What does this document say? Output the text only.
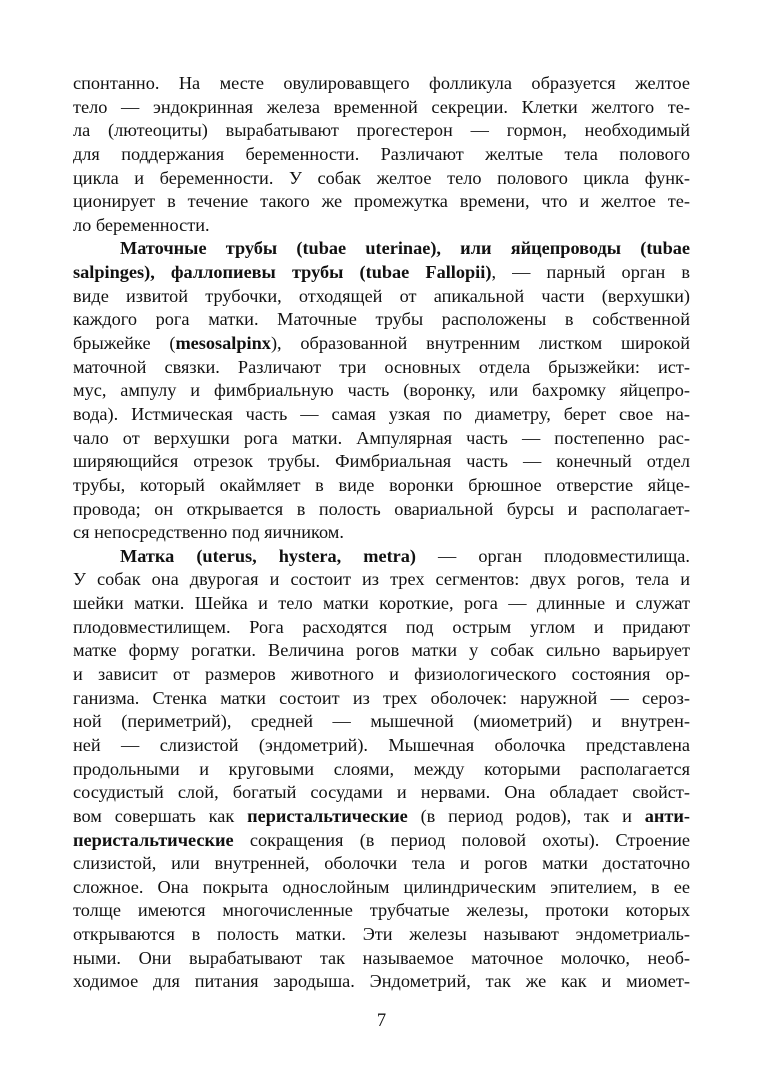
спонтанно. На месте овулировавщего фолликула образуется желтое
тело — эндокринная железа временной секреции. Клетки желтого те-
ла (лютеоциты) вырабатывают прогестерон — гормон, необходимый
для поддержания беременности. Различают желтые тела полового
цикла и беременности. У собак желтое тело полового цикла функ-
ционирует в течение такого же промежутка времени, что и желтое те-
ло беременности.
Маточные трубы (tubae uterinae), или яйцепроводы (tubae
salpinges), фаллопиевы трубы (tubae Fallopii), — парный орган в
виде извитой трубочки, отходящей от апикальной части (верхушки)
каждого рога матки. Маточные трубы расположены в собственной
брыжейке (mesosalpinx), образованной внутренним листком широкой
маточной связки. Различают три основных отдела брызжейки: ист-
мус, ампулу и фимбриальную часть (воронку, или бахромку яйцепро-
вода). Истмическая часть — самая узкая по диаметру, берет свое на-
чало от верхушки рога матки. Ампулярная часть — постепенно рас-
ширяющийся отрезок трубы. Фимбриальная часть — конечный отдел
трубы, который окаймляет в виде воронки брюшное отверстие яйце-
провода; он открывается в полость овариальной бурсы и располагает-
ся непосредственно под яичником.
Матка (uterus, hystera, metra) — орган плодовместилища.
У собак она двурогая и состоит из трех сегментов: двух рогов, тела и
шейки матки. Шейка и тело матки короткие, рога — длинные и служат
плодовместилищем. Рога расходятся под острым углом и придают
матке форму рогатки. Величина рогов матки у собак сильно варьирует
и зависит от размеров животного и физиологического состояния ор-
ганизма. Стенка матки состоит из трех оболочек: наружной — сероз-
ной (периметрий), средней — мышечной (миометрий) и внутрен-
ней — слизистой (эндометрий). Мышечная оболочка представлена
продольными и круговыми слоями, между которыми располагается
сосудистый слой, богатый сосудами и нервами. Она обладает свойст-
вом совершать как перистальтические (в период родов), так и анти-
перистальтические сокращения (в период половой охоты). Строение
слизистой, или внутренней, оболочки тела и рогов матки достаточно
сложное. Она покрыта однослойным цилиндрическим эпителием, в ее
толще имеются многочисленные трубчатые железы, протоки которых
открываются в полость матки. Эти железы называют эндометриаль-
ными. Они вырабатывают так называемое маточное молочко, необ-
ходимое для питания зародыша. Эндометрий, так же как и миомет-
7
